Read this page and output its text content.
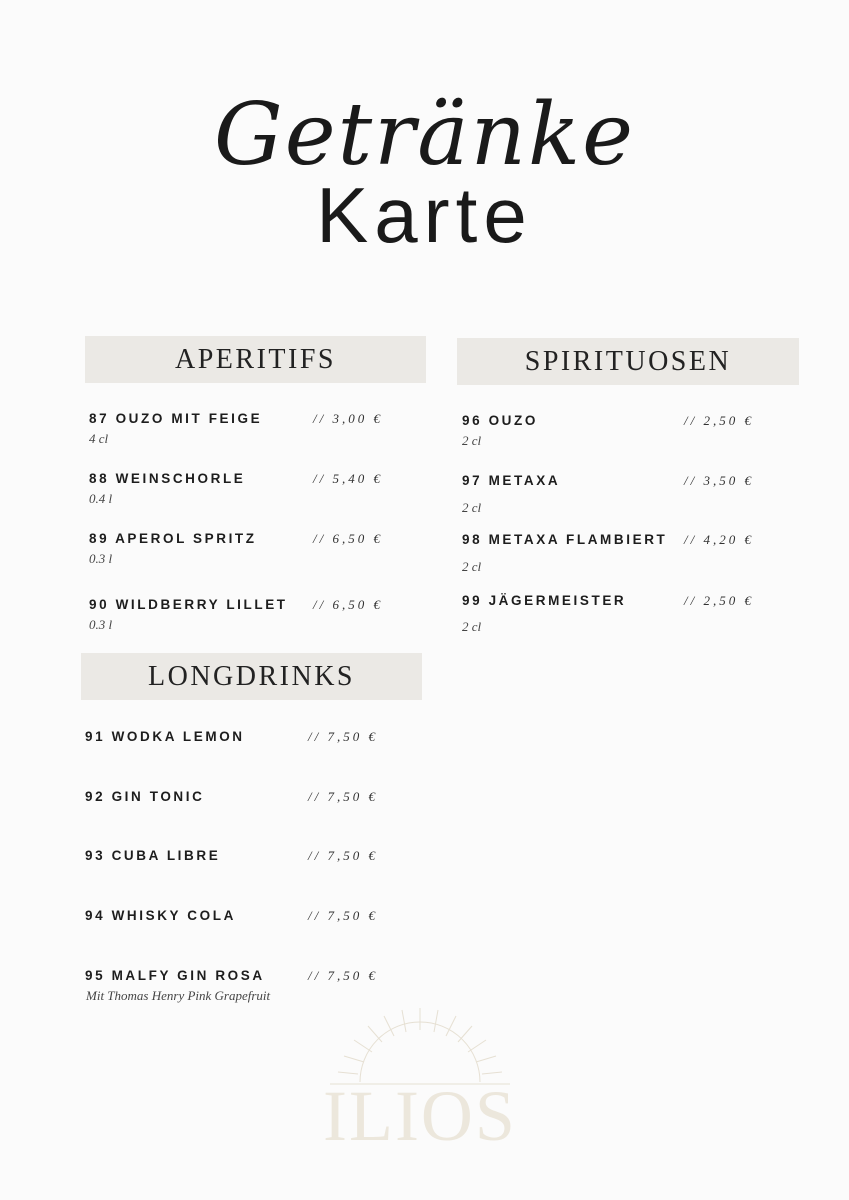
Getränke
Karte
APERITIFS
87 OUZO MIT FEIGE	// 3,00 €
4 cl
88 WEINSCHORLE	// 5,40 €
0.4 l
89 APEROL SPRITZ	// 6,50 €
0.3 l
90 WILDBERRY LILLET // 6,50 €
0.3 l
LONGDRINKS
91 WODKA LEMON	// 7,50 €
92 GIN TONIC	// 7,50 €
93 CUBA LIBRE	// 7,50 €
94 WHISKY COLA	// 7,50 €
95 MALFY GIN ROSA	// 7,50 €
Mit Thomas Henry Pink Grapefruit
SPIRITUOSEN
96 OUZO	// 2,50 €
2 cl
97 METAXA	// 3,50 €
2 cl
98 METAXA FLAMBIERT // 4,20 €
2 cl
99 JÄGERMEISTER	// 2,50 €
2 cl
ILIOS
